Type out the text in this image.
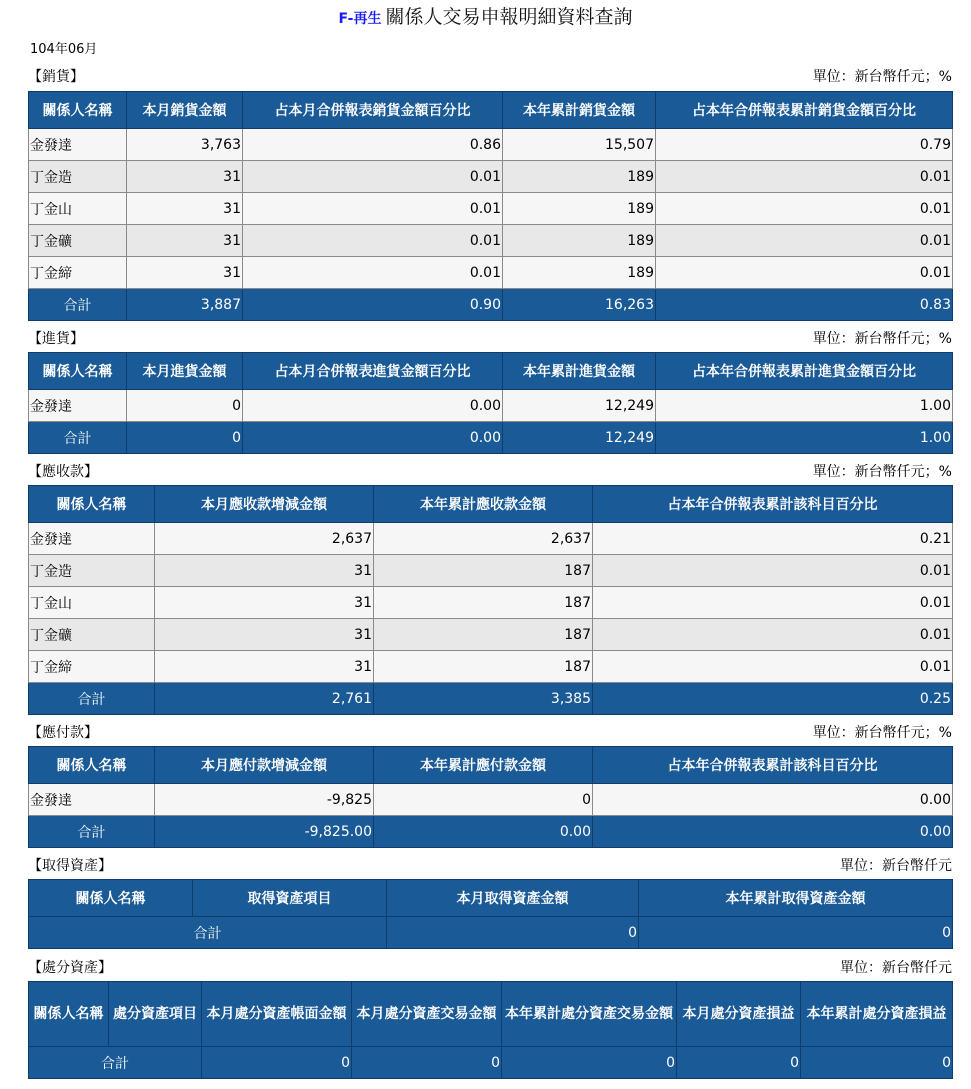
F-再生 關係人交易申報明細資料查詢
104年06月
【銷貨】	單位：新台幣仟元；%
關係人名稱	本月銷貨金額	占本月合併報表銷貨金額百分比	本年累計銷貨金額	占本年合併報表累計銷貨金額百分比
金發達	3,763	0.86	15,507	0.79
丁金造	31	0.01	189	0.01
丁金山	31	0.01	189	0.01
丁金礦	31	0.01	189	0.01
丁金締	31	0.01	189	0.01
合計	3,887	0.90	16,263	0.83
【進貨】	單位：新台幣仟元；%
關係人名稱	本月進貨金額	占本月合併報表進貨金額百分比	本年累計進貨金額	占本年合併報表累計進貨金額百分比
金發達	0	0.00	12,249	1.00
合計	0	0.00	12,249	1.00
【應收款】	單位：新台幣仟元；%
關係人名稱	本月應收款增減金額	本年累計應收款金額	占本年合併報表累計該科目百分比
金發達	2,637	2,637	0.21
丁金造	31	187	0.01
丁金山	31	187	0.01
丁金礦	31	187	0.01
丁金締	31	187	0.01
合計	2,761	3,385	0.25
【應付款】	單位：新台幣仟元；%
關係人名稱	本月應付款增減金額	本年累計應付款金額	占本年合併報表累計該科目百分比
金發達	-9,825	0	0.00
合計	-9,825.00	0.00	0.00
【取得資產】	單位：新台幣仟元
關係人名稱	取得資產項目	本月取得資產金額	本年累計取得資產金額
合計		0	0
【處分資產】	單位：新台幣仟元
關係人名稱	處分資產項目	本月處分資產帳面金額	本月處分資產交易金額	本年累計處分資產交易金額	本月處分資產損益	本年累計處分資產損益
合計		0	0	0	0	0
